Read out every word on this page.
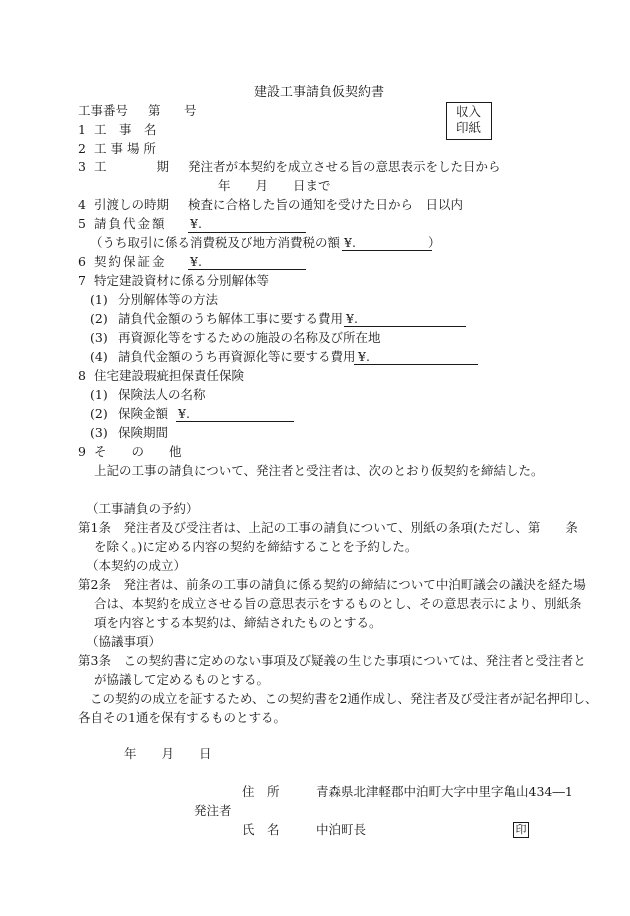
建設工事請負仮契約書
収入
印紙
工事番号 第 号
1 工　事　名
2 工 事 場 所
3 工　　　　期 発注者が本契約を成立させる旨の意思表示をした日から
年　　月　　日まで
4 引渡しの時期 検査に合格した旨の通知を受けた日から　日以内
5 請負代金額 ¥.
（うち取引に係る消費税及び地方消費税の額 ¥.	）
6 契約保証金 ¥.
7 特定建設資材に係る分別解体等
(1) 分別解体等の方法
(2) 請負代金額のうち解体工事に要する費用 ¥.
(3) 再資源化等をするための施設の名称及び所在地
(4) 請負代金額のうち再資源化等に要する費用 ¥.
8 住宅建設瑕疵担保責任保険
(1) 保険法人の名称
(2) 保険金額 ¥.
(3) 保険期間
9 そ　　の　　他
上記の工事の請負について、発注者と受注者は、次のとおり仮契約を締結した。
（工事請負の予約）
第1条　発注者及び受注者は、上記の工事の請負について、別紙の条項(ただし、第　　条
を除く。)に定める内容の契約を締結することを予約した。
（本契約の成立）
第2条　発注者は、前条の工事の請負に係る契約の締結について中泊町議会の議決を経た場
合は、本契約を成立させる旨の意思表示をするものとし、その意思表示により、別紙条
項を内容とする本契約は、締結されたものとする。
（協議事項）
第3条　この契約書に定めのない事項及び疑義の生じた事項については、発注者と受注者と
が協議して定めるものとする。
この契約の成立を証するため、この契約書を2通作成し、発注者及び受注者が記名押印し、
各自その1通を保有するものとする。
年　　月　　日
住　所	青森県北津軽郡中泊町大字中里字亀山434―1
発注者
氏　名	中泊町長	印
